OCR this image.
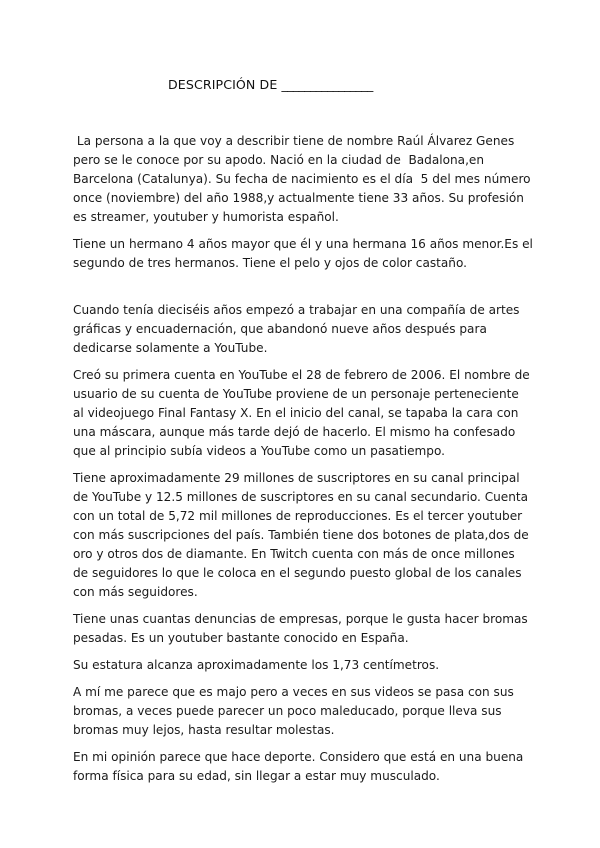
DESCRIPCIÓN DE ________________

La persona a la que voy a describir tiene de nombre Raúl Álvarez Genes pero se le conoce por su apodo. Nació en la ciudad de  Badalona,en Barcelona (Catalunya). Su fecha de nacimiento es el día  5 del mes número once (noviembre) del año 1988,y actualmente tiene 33 años. Su profesión es streamer, youtuber y humorista español.

Tiene un hermano 4 años mayor que él y una hermana 16 años menor.Es el segundo de tres hermanos. Tiene el pelo y ojos de color castaño.

Cuando tenía dieciséis años empezó a trabajar en una compañía de artes gráficas y encuadernación, que abandonó nueve años después para dedicarse solamente a YouTube.

Creó su primera cuenta en YouTube el 28 de febrero de 2006. El nombre de usuario de su cuenta de YouTube proviene de un personaje perteneciente al videojuego Final Fantasy X. En el inicio del canal, se tapaba la cara con una máscara, aunque más tarde dejó de hacerlo. El mismo ha confesado que al principio subía videos a YouTube como un pasatiempo.

Tiene aproximadamente 29 millones de suscriptores en su canal principal de YouTube y 12.5 millones de suscriptores en su canal secundario. Cuenta con un total de 5,72 mil millones de reproducciones. Es el tercer youtuber con más suscripciones del país. También tiene dos botones de plata,dos de oro y otros dos de diamante. En Twitch cuenta con más de once millones de seguidores lo que le coloca en el segundo puesto global de los canales con más seguidores.

Tiene unas cuantas denuncias de empresas, porque le gusta hacer bromas pesadas. Es un youtuber bastante conocido en España.

Su estatura alcanza aproximadamente los 1,73 centímetros.

A mí me parece que es majo pero a veces en sus videos se pasa con sus bromas, a veces puede parecer un poco maleducado, porque lleva sus bromas muy lejos, hasta resultar molestas.

En mi opinión parece que hace deporte. Considero que está en una buena forma física para su edad, sin llegar a estar muy musculado.
